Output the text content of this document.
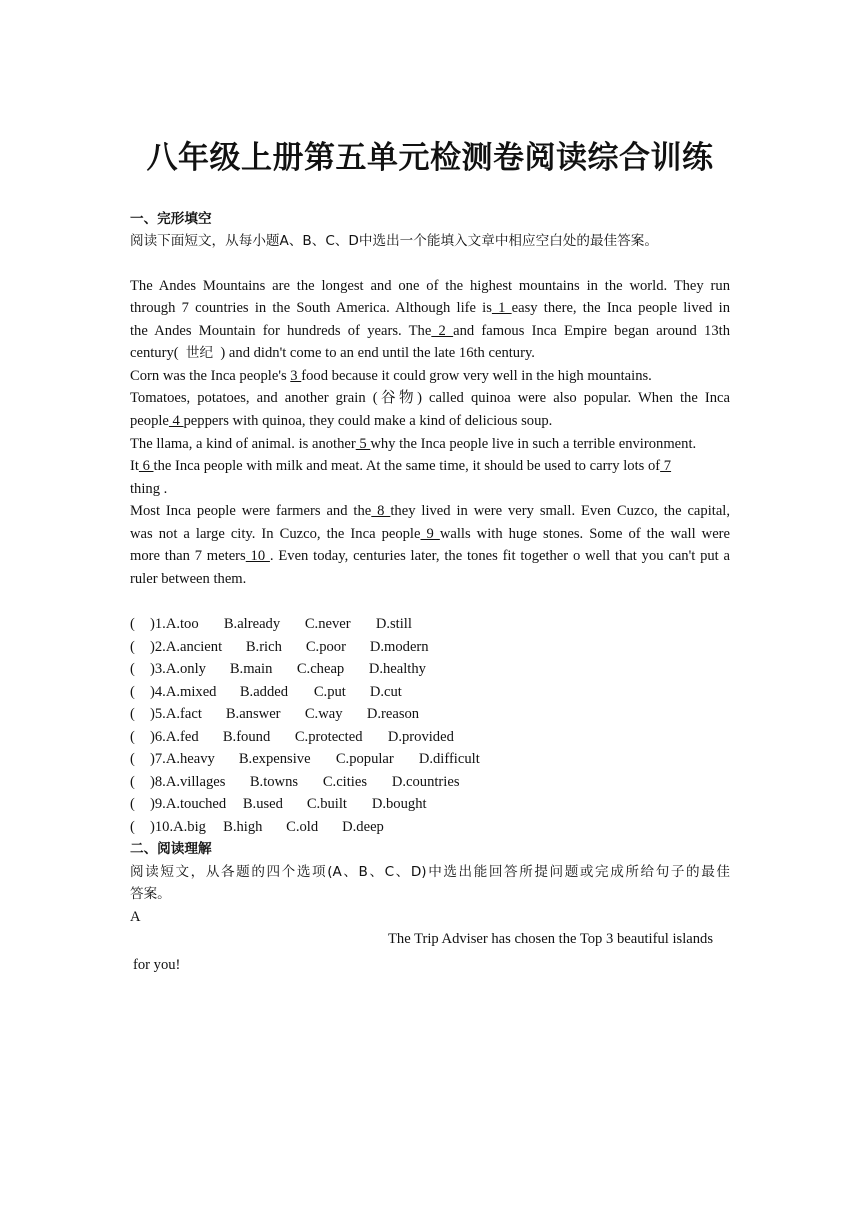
八年级上册第五单元检测卷阅读综合训练
一、完形填空
阅读下面短文，从每小题A、B、C、D中选出一个能填入文章中相应空白处的最佳答案。
The Andes Mountains are the longest and one of the highest mountains in the world. They run
through 7 countries in the South America. Although life is 1 easy there, the Inca people lived in
the Andes Mountain for hundreds of years. The 2 and famous Inca Empire began around 13th
century( 世纪 ) and didn't come to an end until the late 16th century.
Corn was the Inca people's 3 food because it could grow very well in the high mountains.
Tomatoes, potatoes, and another grain (谷物) called quinoa were also popular. When the Inca
people 4 peppers with quinoa, they could make a kind of delicious soup.
The llama, a kind of animal. is another 5 why the Inca people live in such a terrible environment.
It 6 the Inca people with milk and meat. At the same time, it should be used to carry lots of 7
thing .
Most Inca people were farmers and the 8 they lived in were very small. Even Cuzco, the capital,
was not a large city. In Cuzco, the Inca people 9 walls with huge stones. Some of the wall were
more than 7 meters 10 . Even today, centuries later, the tones fit together o well that you can't put a
ruler between them.
( )1.A.too B.already C.never D.still
( )2.A.ancient B.rich C.poor D.modern
( )3.A.only B.main C.cheap D.healthy
( )4.A.mixed B.added C.put D.cut
( )5.A.fact B.answer C.way D.reason
( )6.A.fed B.found C.protected D.provided
( )7.A.heavy B.expensive C.popular D.difficult
( )8.A.villages B.towns C.cities D.countries
( )9.A.touched B.used C.built D.bought
( )10.A.big B.high C.old D.deep
二、阅读理解
阅读短文，从各题的四个选项(A、B、C、D)中选出能回答所提问题或完成所给句子的最佳
答案。
A
The Trip Adviser has chosen the Top 3 beautiful islands
for you!
